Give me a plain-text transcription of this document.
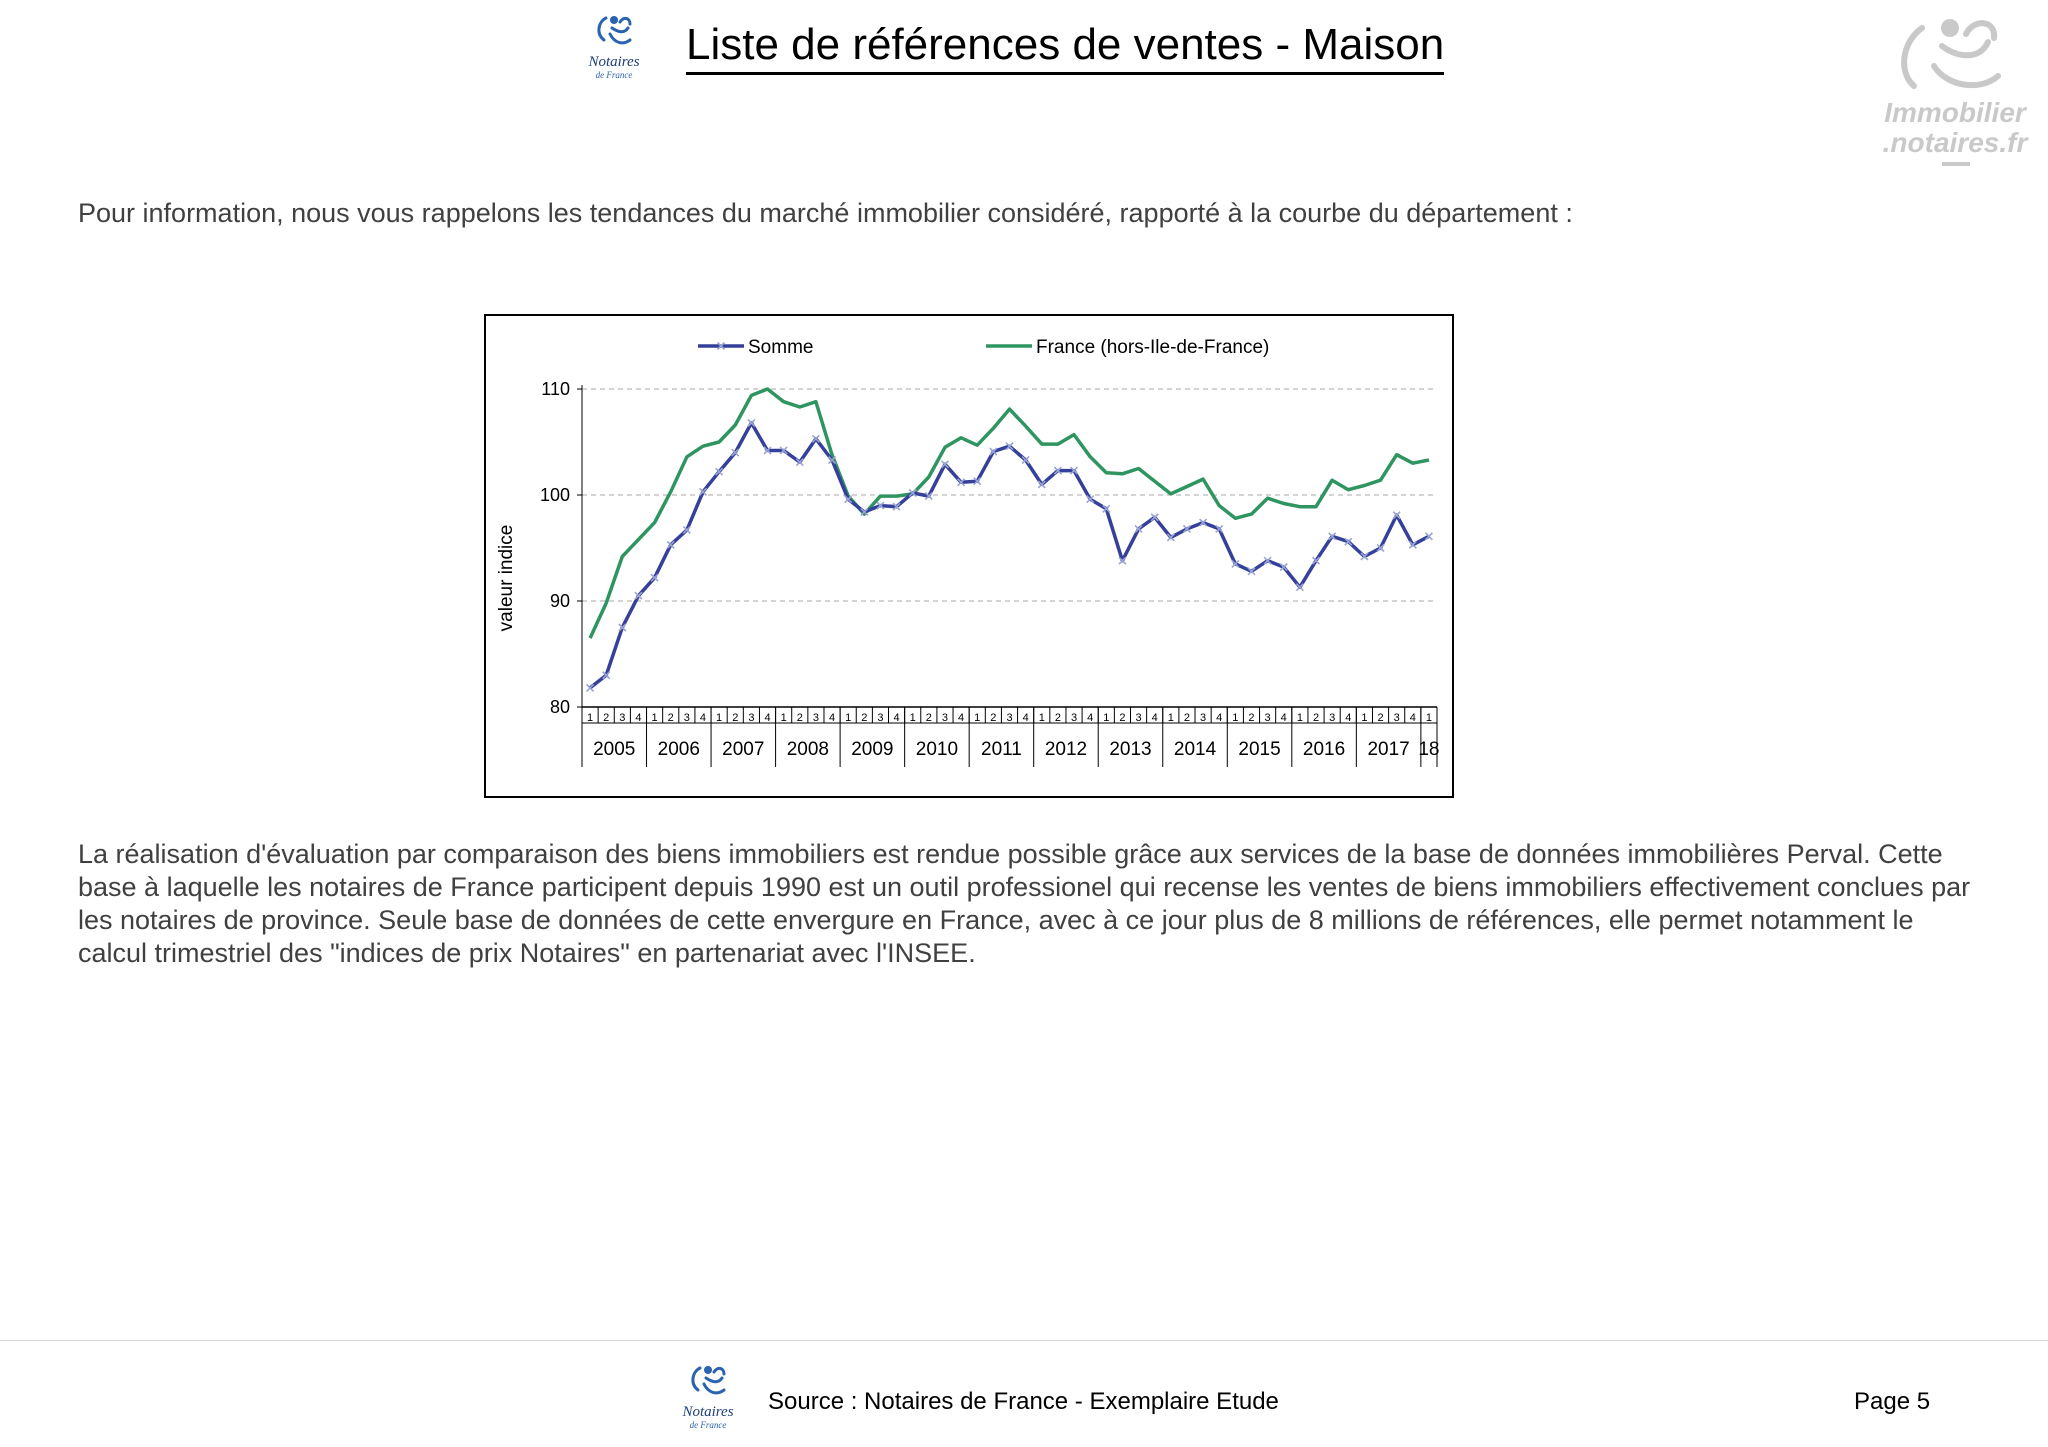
Notaires
de France
Liste de références de ventes - Maison
Immobilier
.notaires.fr

Pour information, nous vous rappelons les tendances du marché immobilier considéré, rapporté à la courbe du département :

80
90
100
110
valeur indice
1 2 3 4 1 2 3 4 1 2 3 4 1 2 3 4 1 2 3 4 1 2 3 4 1 2 3 4 1 2 3 4 1 2 3 4 1 2 3 4 1 2 3 4 1 2 3 4 1 2 3 4 1
2005 2006 2007 2008 2009 2010 2011 2012 2013 2014 2015 2016 2017 18
Somme	France (hors-Ile-de-France)

La réalisation d'évaluation par comparaison des biens immobiliers est rendue possible grâce aux services de la base de données immobilières Perval. Cette base à laquelle les notaires de France participent depuis 1990 est un outil professionel qui recense les ventes de biens immobiliers effectivement conclues par les notaires de province. Seule base de données de cette envergure en France, avec à ce jour plus de 8 millions de références, elle permet notamment le calcul trimestriel des "indices de prix Notaires" en partenariat avec l'INSEE.

Notaires
de France
Source : Notaires de France - Exemplaire Etude	Page 5
